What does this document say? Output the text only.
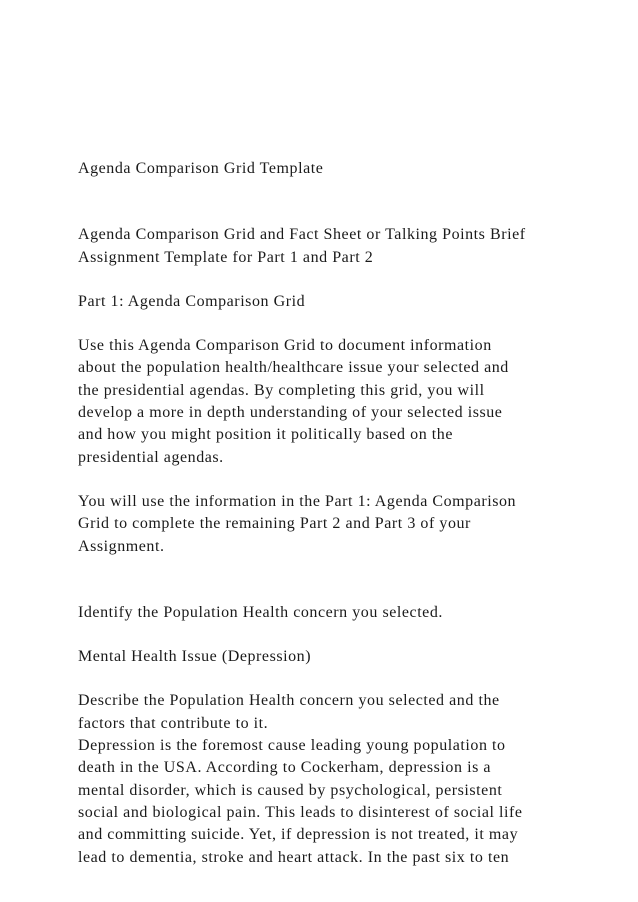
Agenda Comparison Grid Template

Agenda Comparison Grid and Fact Sheet or Talking Points Brief
Assignment Template for Part 1 and Part 2

Part 1: Agenda Comparison Grid

Use this Agenda Comparison Grid to document information
about the population health/healthcare issue your selected and
the presidential agendas. By completing this grid, you will
develop a more in depth understanding of your selected issue
and how you might position it politically based on the
presidential agendas.

You will use the information in the Part 1: Agenda Comparison
Grid to complete the remaining Part 2 and Part 3 of your
Assignment.

Identify the Population Health concern you selected.

Mental Health Issue (Depression)

Describe the Population Health concern you selected and the
factors that contribute to it.

Depression is the foremost cause leading young population to
death in the USA. According to Cockerham, depression is a
mental disorder, which is caused by psychological, persistent
social and biological pain. This leads to disinterest of social life
and committing suicide. Yet, if depression is not treated, it may
lead to dementia, stroke and heart attack. In the past six to ten
